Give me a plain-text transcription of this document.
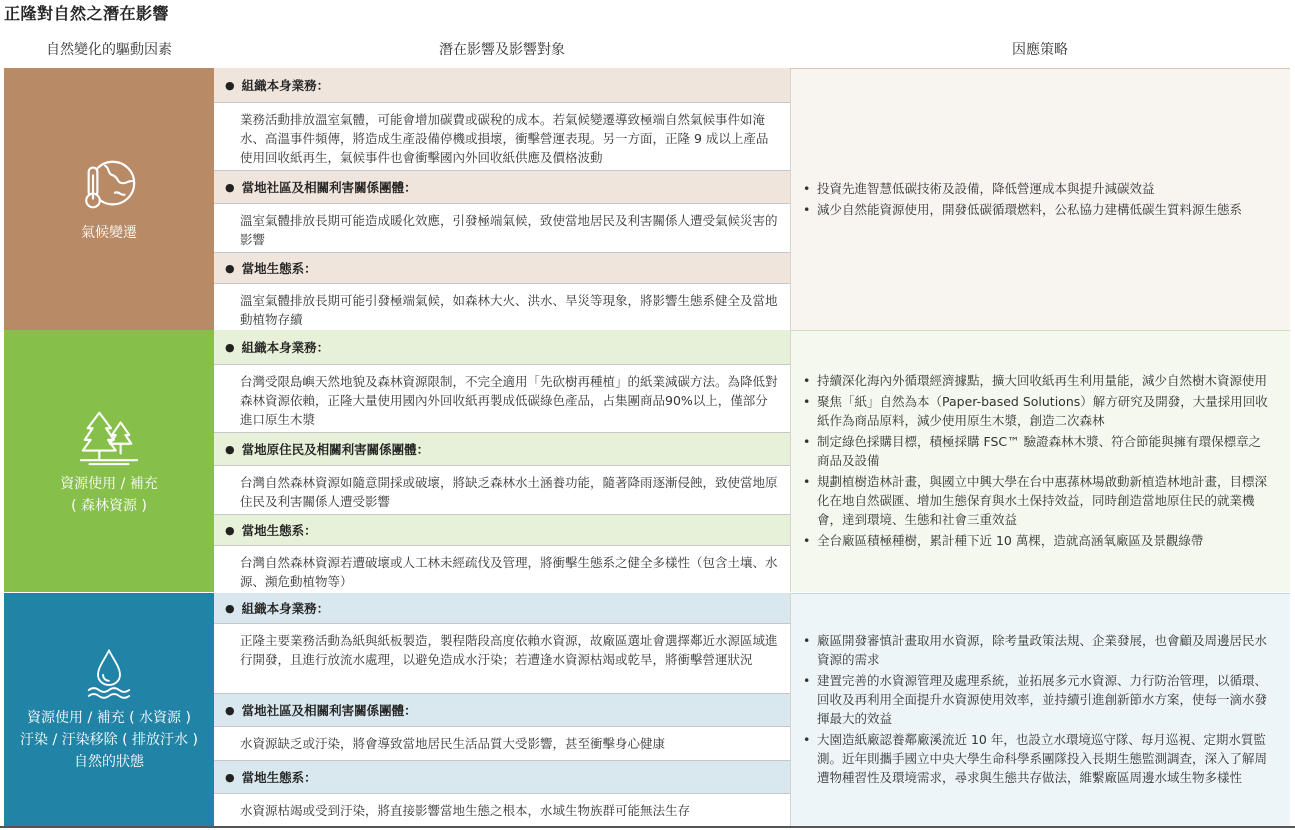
正隆對自然之潛在影響
自然變化的驅動因素	潛在影響及影響對象	因應策略
氣候變遷
● 組織本身業務：
業務活動排放溫室氣體，可能會增加碳費或碳稅的成本。若氣候變遷導致極端自然氣候事件如淹水、高溫事件頻傳，將造成生產設備停機或損壞，衝擊營運表現。另一方面，正隆 9 成以上產品使用回收紙再生，氣候事件也會衝擊國內外回收紙供應及價格波動
● 當地社區及相關利害關係團體：
溫室氣體排放長期可能造成暖化效應，引發極端氣候，致使當地居民及利害關係人遭受氣候災害的影響
● 當地生態系：
溫室氣體排放長期可能引發極端氣候，如森林大火、洪水、旱災等現象，將影響生態系健全及當地動植物存續
• 投資先進智慧低碳技術及設備，降低營運成本與提升減碳效益
• 減少自然能資源使用，開發低碳循環燃料，公私協力建構低碳生質料源生態系
資源使用 / 補充
( 森林資源 )
● 組織本身業務：
台灣受限島嶼天然地貌及森林資源限制，不完全適用「先砍樹再種植」的紙業減碳方法。為降低對森林資源依賴，正隆大量使用國內外回收紙再製成低碳綠色產品，占集團商品90%以上，僅部分進口原生木漿
● 當地原住民及相關利害關係團體：
台灣自然森林資源如隨意開採或破壞，將缺乏森林水土涵養功能，隨著降雨逐漸侵蝕，致使當地原住民及利害關係人遭受影響
● 當地生態系：
台灣自然森林資源若遭破壞或人工林未經疏伐及管理，將衝擊生態系之健全多樣性（包含土壤、水源、瀕危動植物等）
• 持續深化海內外循環經濟據點，擴大回收紙再生利用量能，減少自然樹木資源使用
• 聚焦「紙」自然為本（Paper-based Solutions）解方研究及開發，大量採用回收紙作為商品原料，減少使用原生木漿，創造二次森林
• 制定綠色採購目標，積極採購 FSC™ 驗證森林木漿、符合節能與擁有環保標章之商品及設備
• 規劃植樹造林計畫，與國立中興大學在台中惠蓀林場啟動新植造林地計畫，目標深化在地自然碳匯、增加生態保育與水土保持效益，同時創造當地原住民的就業機會，達到環境、生態和社會三重效益
• 全台廠區積極種樹，累計種下近 10 萬棵，造就高涵氧廠區及景觀綠帶
資源使用 / 補充 ( 水資源 )
汙染 / 汙染移除 ( 排放汙水 )
自然的狀態
● 組織本身業務：
正隆主要業務活動為紙與紙板製造，製程階段高度依賴水資源，故廠區選址會選擇鄰近水源區域進行開發，且進行放流水處理，以避免造成水汙染；若遭逢水資源枯竭或乾旱，將衝擊營運狀況
● 當地社區及相關利害關係團體：
水資源缺乏或汙染，將會導致當地居民生活品質大受影響，甚至衝擊身心健康
● 當地生態系：
水資源枯竭或受到汙染，將直接影響當地生態之根本，水域生物族群可能無法生存
• 廠區開發審慎計畫取用水資源，除考量政策法規、企業發展，也會顧及周邊居民水資源的需求
• 建置完善的水資源管理及處理系統，並拓展多元水資源、力行防治管理，以循環、回收及再利用全面提升水資源使用效率，並持續引進創新節水方案，使每一滴水發揮最大的效益
• 大園造紙廠認養鄰廠溪流近 10 年，也設立水環境巡守隊、每月巡視、定期水質監測。近年則攜手國立中央大學生命科學系團隊投入長期生態監測調查，深入了解周遭物種習性及環境需求，尋求與生態共存做法，維繫廠區周邊水域生物多樣性
